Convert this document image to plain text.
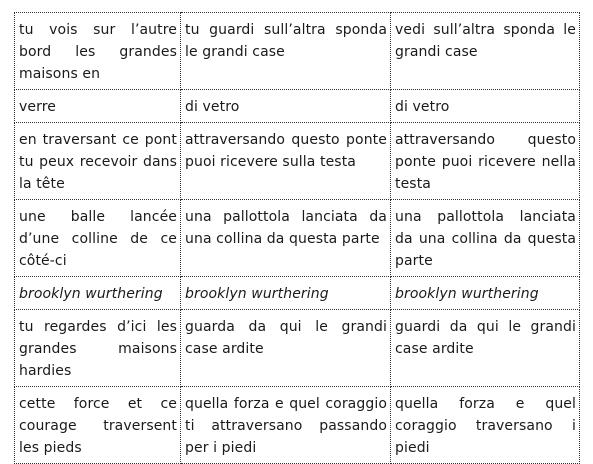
tu vois sur l’autre bord les grandes maisons en	tu guardi sull’altra sponda le grandi case	vedi sull’altra sponda le grandi case
verre	di vetro	di vetro
en traversant ce pont tu peux recevoir dans la tête	attraversando questo ponte puoi ricevere sulla testa	attraversando questo ponte puoi ricevere nella testa
une balle lancée d’une colline de ce côté-ci	una pallottola lanciata da una collina da questa parte	una pallottola lanciata da una collina da questa parte
brooklyn wurthering	brooklyn wurthering	brooklyn wurthering
tu regardes d’ici les grandes maisons hardies	guarda da qui le grandi case ardite	guardi da qui le grandi case ardite
cette force et ce courage traversent les pieds	quella forza e quel coraggio ti attraversano passando per i piedi	quella forza e quel coraggio traversano i piedi
